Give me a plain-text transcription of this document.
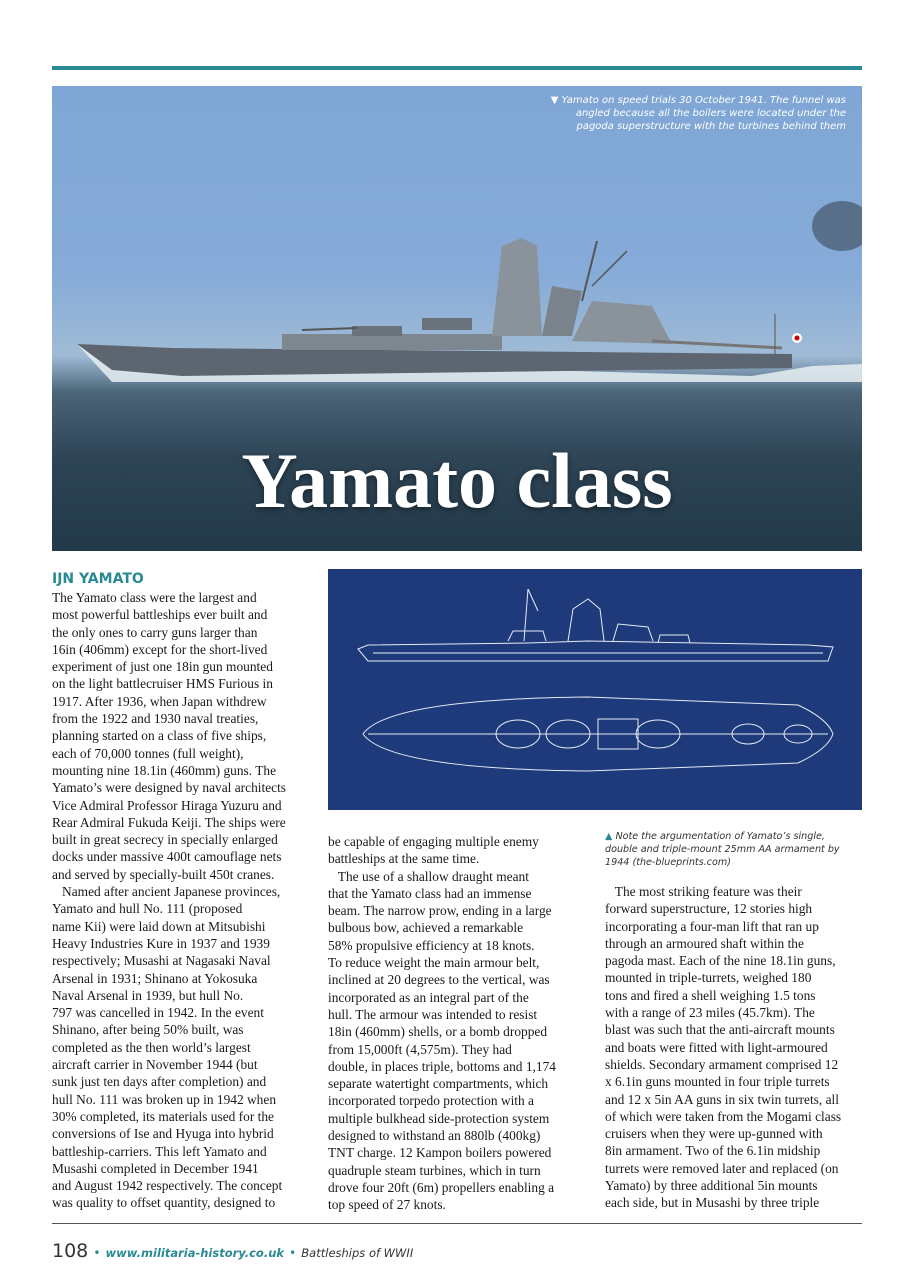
▼ Yamato on speed trials 30 October 1941. The funnel was
angled because all the boilers were located under the
pagoda superstructure with the turbines behind them
Yamato class
IJN YAMATO
The Yamato class were the largest and
most powerful battleships ever built and
the only ones to carry guns larger than
16in (406mm) except for the short-lived
experiment of just one 18in gun mounted
on the light battlecruiser HMS Furious in
1917. After 1936, when Japan withdrew
from the 1922 and 1930 naval treaties,
planning started on a class of five ships,
each of 70,000 tonnes (full weight),
mounting nine 18.1in (460mm) guns. The
Yamato’s were designed by naval architects
Vice Admiral Professor Hiraga Yuzuru and
Rear Admiral Fukuda Keiji. The ships were
built in great secrecy in specially enlarged
docks under massive 400t camouflage nets
and served by specially-built 450t cranes.
Named after ancient Japanese provinces,
Yamato and hull No. 111 (proposed
name Kii) were laid down at Mitsubishi
Heavy Industries Kure in 1937 and 1939
respectively; Musashi at Nagasaki Naval
Arsenal in 1931; Shinano at Yokosuka
Naval Arsenal in 1939, but hull No.
797 was cancelled in 1942. In the event
Shinano, after being 50% built, was
completed as the then world’s largest
aircraft carrier in November 1944 (but
sunk just ten days after completion) and
hull No. 111 was broken up in 1942 when
30% completed, its materials used for the
conversions of Ise and Hyuga into hybrid
battleship-carriers. This left Yamato and
Musashi completed in December 1941
and August 1942 respectively. The concept
was quality to offset quantity, designed to
be capable of engaging multiple enemy
battleships at the same time.
The use of a shallow draught meant
that the Yamato class had an immense
beam. The narrow prow, ending in a large
bulbous bow, achieved a remarkable
58% propulsive efficiency at 18 knots.
To reduce weight the main armour belt,
inclined at 20 degrees to the vertical, was
incorporated as an integral part of the
hull. The armour was intended to resist
18in (460mm) shells, or a bomb dropped
from 15,000ft (4,575m). They had
double, in places triple, bottoms and 1,174
separate watertight compartments, which
incorporated torpedo protection with a
multiple bulkhead side-protection system
designed to withstand an 880lb (400kg)
TNT charge. 12 Kampon boilers powered
quadruple steam turbines, which in turn
drove four 20ft (6m) propellers enabling a
top speed of 27 knots.
▲ Note the argumentation of Yamato’s single,
double and triple-mount 25mm AA armament by
1944 (the-blueprints.com)
The most striking feature was their
forward superstructure, 12 stories high
incorporating a four-man lift that ran up
through an armoured shaft within the
pagoda mast. Each of the nine 18.1in guns,
mounted in triple-turrets, weighed 180
tons and fired a shell weighing 1.5 tons
with a range of 23 miles (45.7km). The
blast was such that the anti-aircraft mounts
and boats were fitted with light-armoured
shields. Secondary armament comprised 12
x 6.1in guns mounted in four triple turrets
and 12 x 5in AA guns in six twin turrets, all
of which were taken from the Mogami class
cruisers when they were up-gunned with
8in armament. Two of the 6.1in midship
turrets were removed later and replaced (on
Yamato) by three additional 5in mounts
each side, but in Musashi by three triple
108 • www.militaria-history.co.uk • Battleships of WWII
